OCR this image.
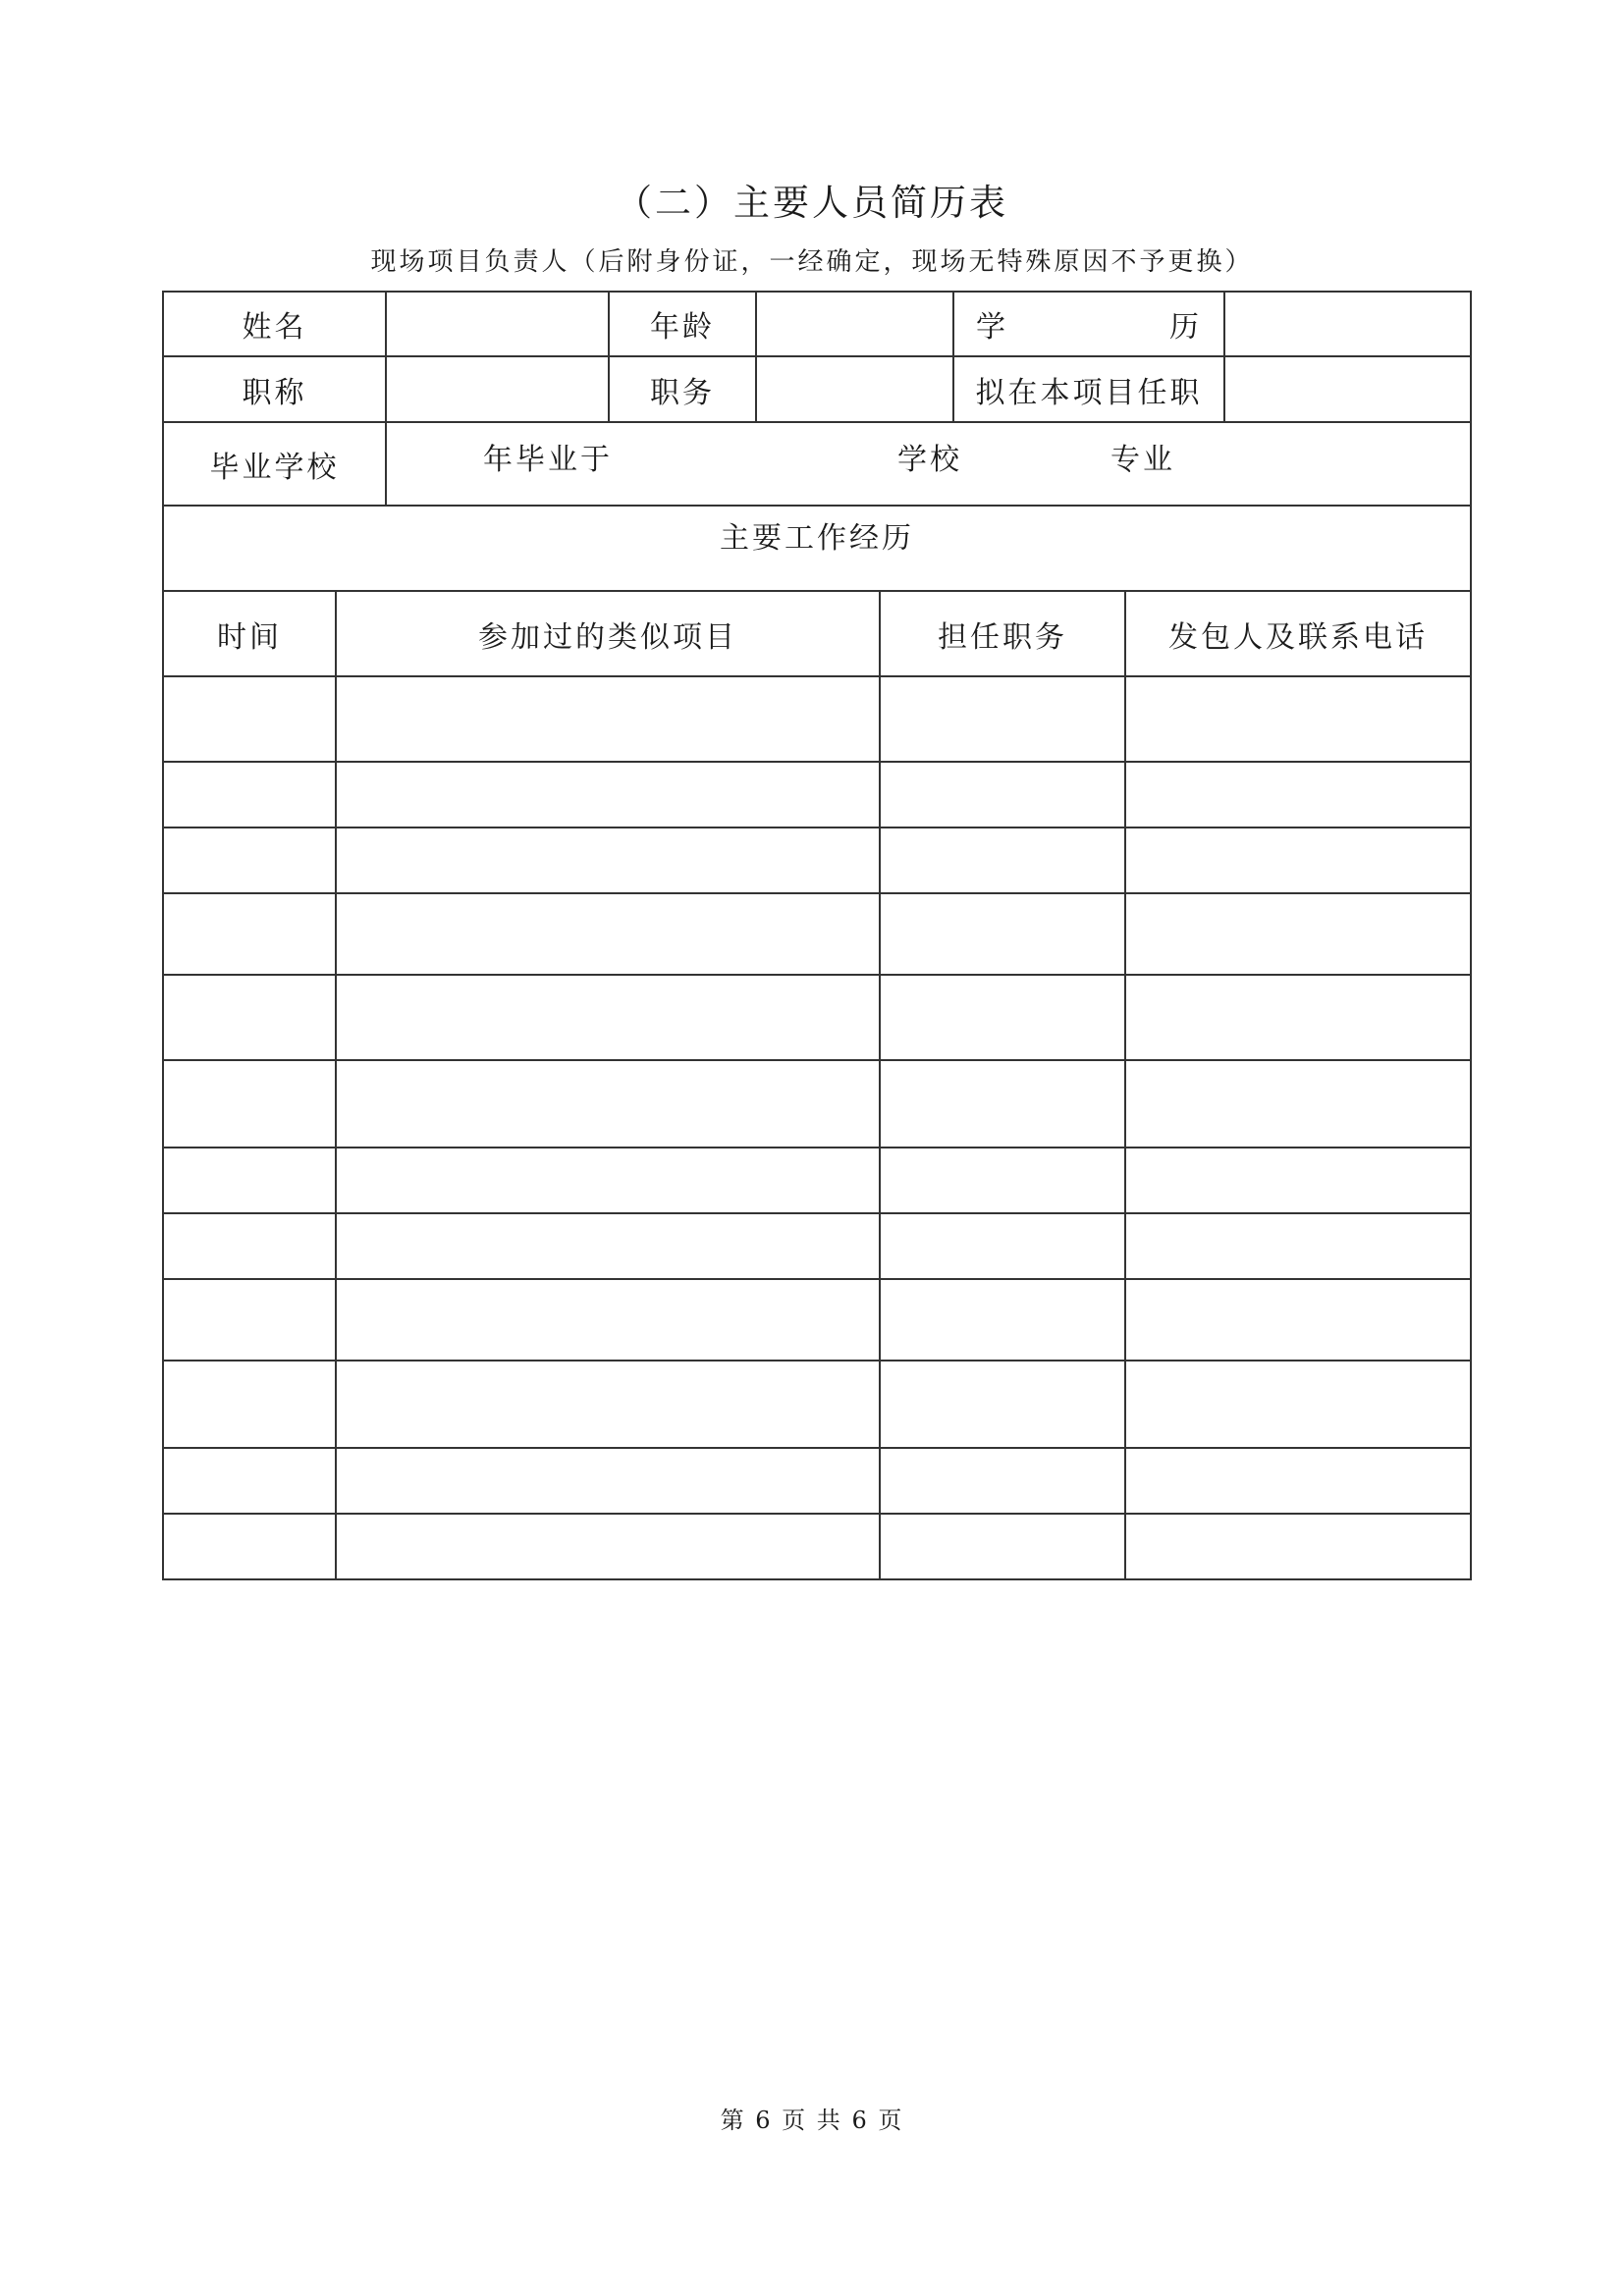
（二）主要人员简历表
现场项目负责人（后附身份证，一经确定，现场无特殊原因不予更换）
姓名		年龄		学 历	

职称		职务		拟在本项目任职	
毕业学校	年毕业于 学校 专业				

主要工作经历					
时间	参加过的类似项目	担任职务	发包人及联系电话

第 6 页 共 6 页
